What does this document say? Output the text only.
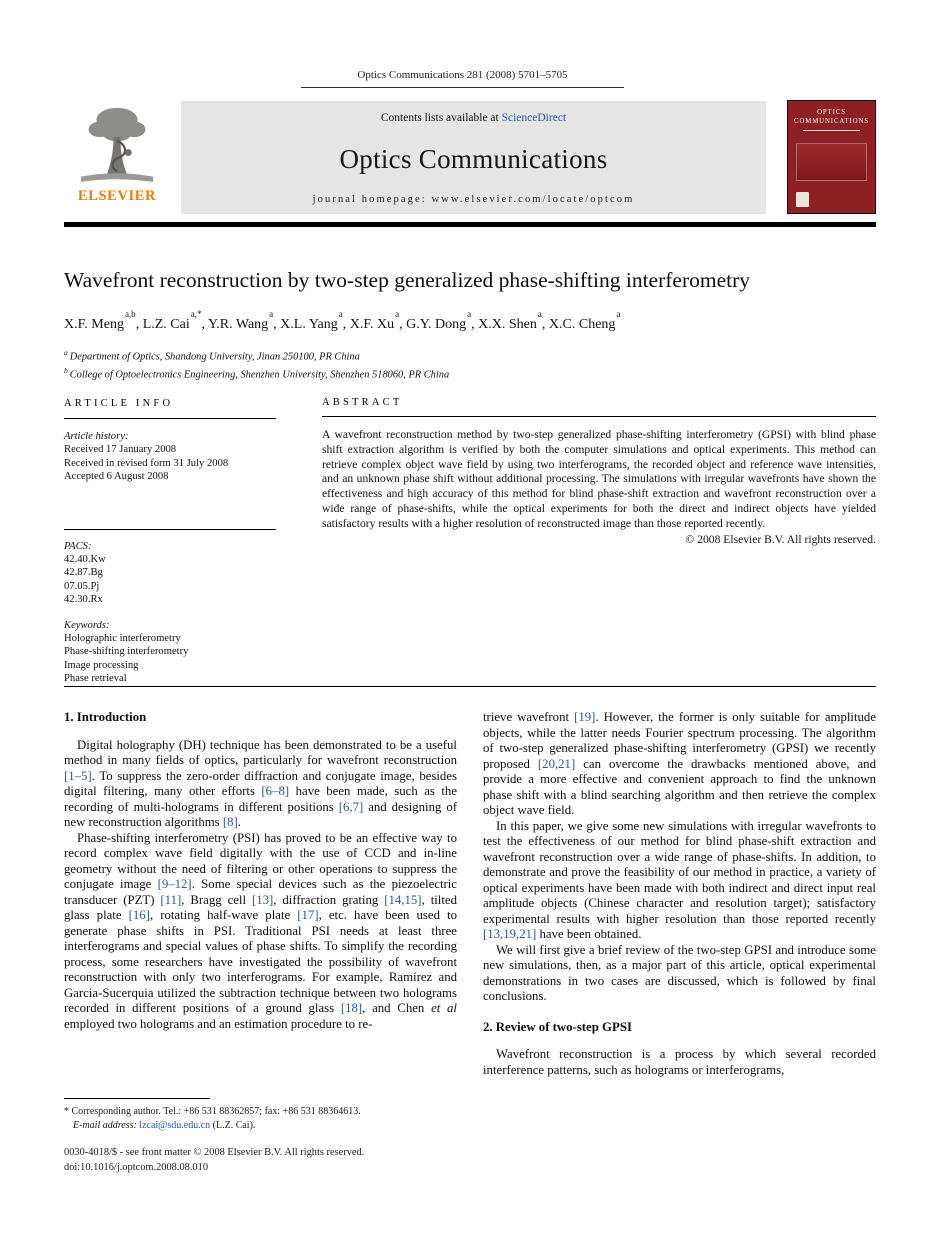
Optics Communications 281 (2008) 5701–5705
ELSEVIER
Contents lists available at ScienceDirect
Optics Communications
journal homepage: www.elsevier.com/locate/optcom
OPTICS
COMMUNICATIONS
Wavefront reconstruction by two-step generalized phase-shifting interferometry
X.F. Meng$^{a,b}$, L.Z. Cai$^{a,*}$, Y.R. Wang$^a$, X.L. Yang$^a$, X.F. Xu$^a$, G.Y. Dong$^a$, X.X. Shen$^a$, X.C. Cheng$^a$
$^a$ Department of Optics, Shandong University, Jinan 250100, PR China
$^b$ College of Optoelectronics Engineering, Shenzhen University, Shenzhen 518060, PR China
ARTICLE INFO
Article history:
Received 17 January 2008
Received in revised form 31 July 2008
Accepted 6 August 2008
PACS:
42.40.Kw
42.87.Bg
07.05.Pj
42.30.Rx
Keywords:
Holographic interferometry
Phase-shifting interferometry
Image processing
Phase retrieval
ABSTRACT
A wavefront reconstruction method by two-step generalized phase-shifting interferometry (GPSI) with blind phase shift extraction algorithm is verified by both the computer simulations and optical experiments. This method can retrieve complex object wave field by using two interferograms, the recorded object and reference wave intensities, and an unknown phase shift without additional processing. The simulations with irregular wavefronts have shown the effectiveness and high accuracy of this method for blind phase-shift extraction and wavefront reconstruction over a wide range of phase-shifts, while the optical experiments for both the direct and indirect objects have yielded satisfactory results with a higher resolution of reconstructed image than those reported recently.
© 2008 Elsevier B.V. All rights reserved.
1. Introduction
Digital holography (DH) technique has been demonstrated to be a useful method in many fields of optics, particularly for wavefront reconstruction [1–5]. To suppress the zero-order diffraction and conjugate image, besides digital filtering, many other efforts [6–8] have been made, such as the recording of multi-holograms in different positions [6,7] and designing of new reconstruction algorithms [8].
Phase-shifting interferometry (PSI) has proved to be an effective way to record complex wave field digitally with the use of CCD and in-line geometry without the need of filtering or other operations to suppress the conjugate image [9–12]. Some special devices such as the piezoelectric transducer (PZT) [11], Bragg cell [13], diffraction grating [14,15], tilted glass plate [16], rotating half-wave plate [17], etc. have been used to generate phase shifts in PSI. Traditional PSI needs at least three interferograms and special values of phase shifts. To simplify the recording process, some researchers have investigated the possibility of wavefront reconstruction with only two interferograms. For example, Ramírez and Garcia-Sucerquia utilized the subtraction technique between two holograms recorded in different positions of a ground glass [18], and Chen et al employed two holograms and an estimation procedure to re-
trieve wavefront [19]. However, the former is only suitable for amplitude objects, while the latter needs Fourier spectrum processing. The algorithm of two-step generalized phase-shifting interferometry (GPSI) we recently proposed [20,21] can overcome the drawbacks mentioned above, and provide a more effective and convenient approach to find the unknown phase shift with a blind searching algorithm and then retrieve the complex object wave field.
In this paper, we give some new simulations with irregular wavefronts to test the effectiveness of our method for blind phase-shift extraction and wavefront reconstruction over a wide range of phase-shifts. In addition, to demonstrate and prove the feasibility of our method in practice, a variety of optical experiments have been made with both indirect and direct input real amplitude objects (Chinese character and resolution target); satisfactory experimental results with higher resolution than those reported recently [13,19,21] have been obtained.
We will first give a brief review of the two-step GPSI and introduce some new simulations, then, as a major part of this article, optical experimental demonstrations in two cases are discussed, which is followed by final conclusions.
2. Review of two-step GPSI
Wavefront reconstruction is a process by which several recorded interference patterns, such as holograms or interferograms,
* Corresponding author. Tel.: +86 531 88362857; fax: +86 531 88364613.
E-mail address: lzcai@sdu.edu.cn (L.Z. Cai).
0030-4018/$ - see front matter © 2008 Elsevier B.V. All rights reserved.
doi:10.1016/j.optcom.2008.08.010
